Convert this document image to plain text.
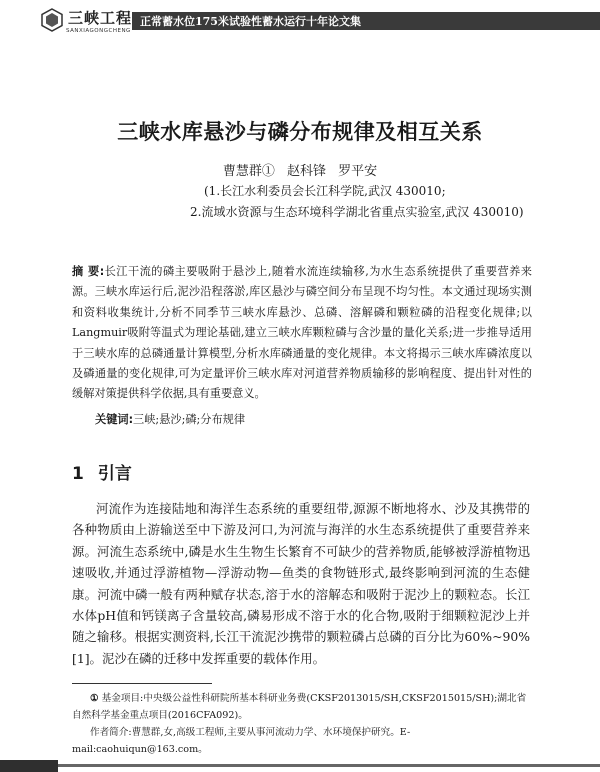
三峡工程
SANXIAGONGCHENG
正常蓄水位175米试验性蓄水运行十年论文集
三峡水库悬沙与磷分布规律及相互关系
曹慧群① 赵科锋 罗平安
(1.长江水利委员会长江科学院,武汉 430010;
2.流域水资源与生态环境科学湖北省重点实验室,武汉 430010)
摘 要:长江干流的磷主要吸附于悬沙上,随着水流连续输移,为水生态系统提供了重要营养来源。三峡水库运行后,泥沙沿程落淤,库区悬沙与磷空间分布呈现不均匀性。本文通过现场实测和资料收集统计,分析不同季节三峡水库悬沙、总磷、溶解磷和颗粒磷的沿程变化规律;以Langmuir吸附等温式为理论基础,建立三峡水库颗粒磷与含沙量的量化关系;进一步推导适用于三峡水库的总磷通量计算模型,分析水库磷通量的变化规律。本文将揭示三峡水库磷浓度以及磷通量的变化规律,可为定量评价三峡水库对河道营养物质输移的影响程度、提出针对性的缓解对策提供科学依据,具有重要意义。
关键词:三峡;悬沙;磷;分布规律
1 引言
河流作为连接陆地和海洋生态系统的重要纽带,源源不断地将水、沙及其携带的各种物质由上游输送至中下游及河口,为河流与海洋的水生态系统提供了重要营养来源。河流生态系统中,磷是水生生物生长繁育不可缺少的营养物质,能够被浮游植物迅速吸收,并通过浮游植物—浮游动物—鱼类的食物链形式,最终影响到河流的生态健康。河流中磷一般有两种赋存状态,溶于水的溶解态和吸附于泥沙上的颗粒态。长江水体pH值和钙镁离子含量较高,磷易形成不溶于水的化合物,吸附于细颗粒泥沙上并随之输移。根据实测资料,长江干流泥沙携带的颗粒磷占总磷的百分比为60%~90%[1]。泥沙在磷的迁移中发挥重要的载体作用。
① 基金项目:中央级公益性科研院所基本科研业务费(CKSF2013015/SH,CKSF2015015/SH);湖北省自然科学基金重点项目(2016CFA092)。
作者简介:曹慧群,女,高级工程师,主要从事河流动力学、水环境保护研究。E-mail:caohuiqun@163.com。
